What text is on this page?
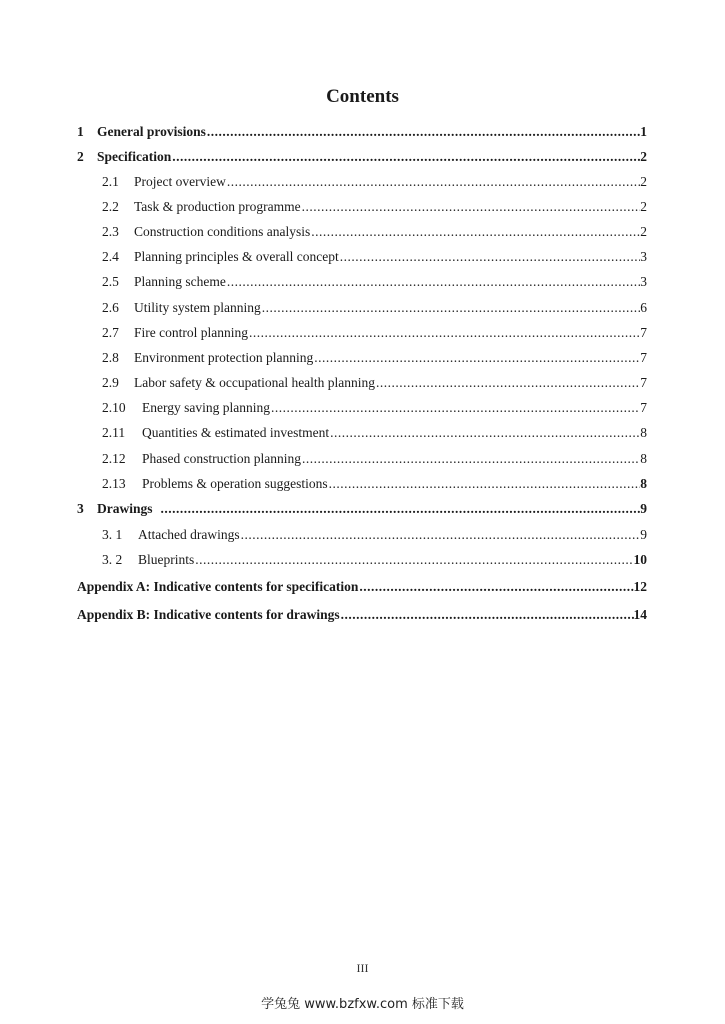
Contents
1 General provisions .....	1
2 Specification .....	2
2.1	Project overview .....	2
2.2	Task & production programme .....	2
2.3	Construction conditions analysis .....	2
2.4	Planning principles & overall concept .....	3
2.5	Planning scheme .....	3
2.6	Utility system planning .....	6
2.7	Fire control planning .....	7
2.8	Environment protection planning .....	7
2.9	Labor safety & occupational health planning .....	7
2.10	Energy saving planning .....	7
2.11	Quantities & estimated investment .....	8
2.12	Phased construction planning .....	8
2.13	Problems & operation suggestions .....	8
3 Drawings .....	9
3. 1	Attached drawings .....	9
3. 2	Blueprints .....	10
Appendix A: Indicative contents for specification .....	12
Appendix B: Indicative contents for drawings .....	14
III
学兔兔 www.bzfxw.com 标准下载
